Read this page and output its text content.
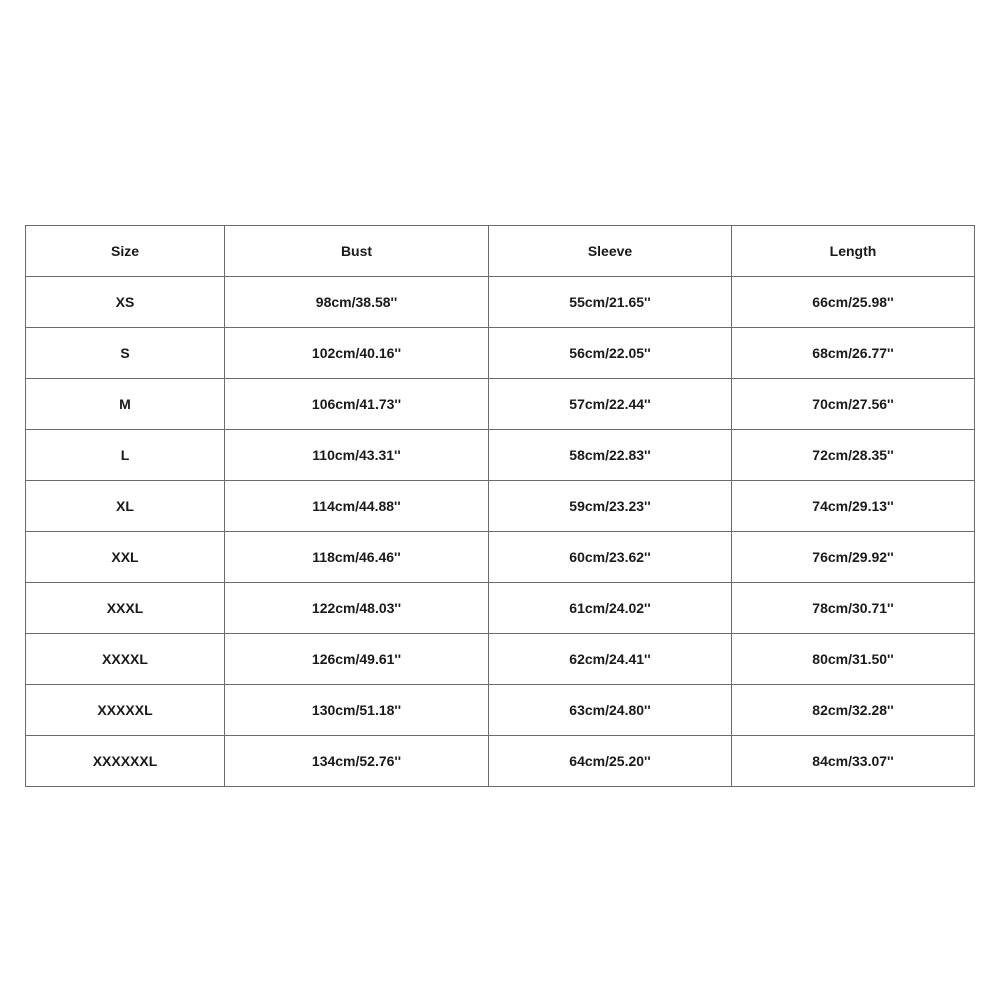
Size	Bust	Sleeve	Length
XS	98cm/38.58''	55cm/21.65''	66cm/25.98''
S	102cm/40.16''	56cm/22.05''	68cm/26.77''
M	106cm/41.73''	57cm/22.44''	70cm/27.56''
L	110cm/43.31''	58cm/22.83''	72cm/28.35''
XL	114cm/44.88''	59cm/23.23''	74cm/29.13''
XXL	118cm/46.46''	60cm/23.62''	76cm/29.92''
XXXL	122cm/48.03''	61cm/24.02''	78cm/30.71''
XXXXL	126cm/49.61''	62cm/24.41''	80cm/31.50''
XXXXXL	130cm/51.18''	63cm/24.80''	82cm/32.28''
XXXXXXL	134cm/52.76''	64cm/25.20''	84cm/33.07''
